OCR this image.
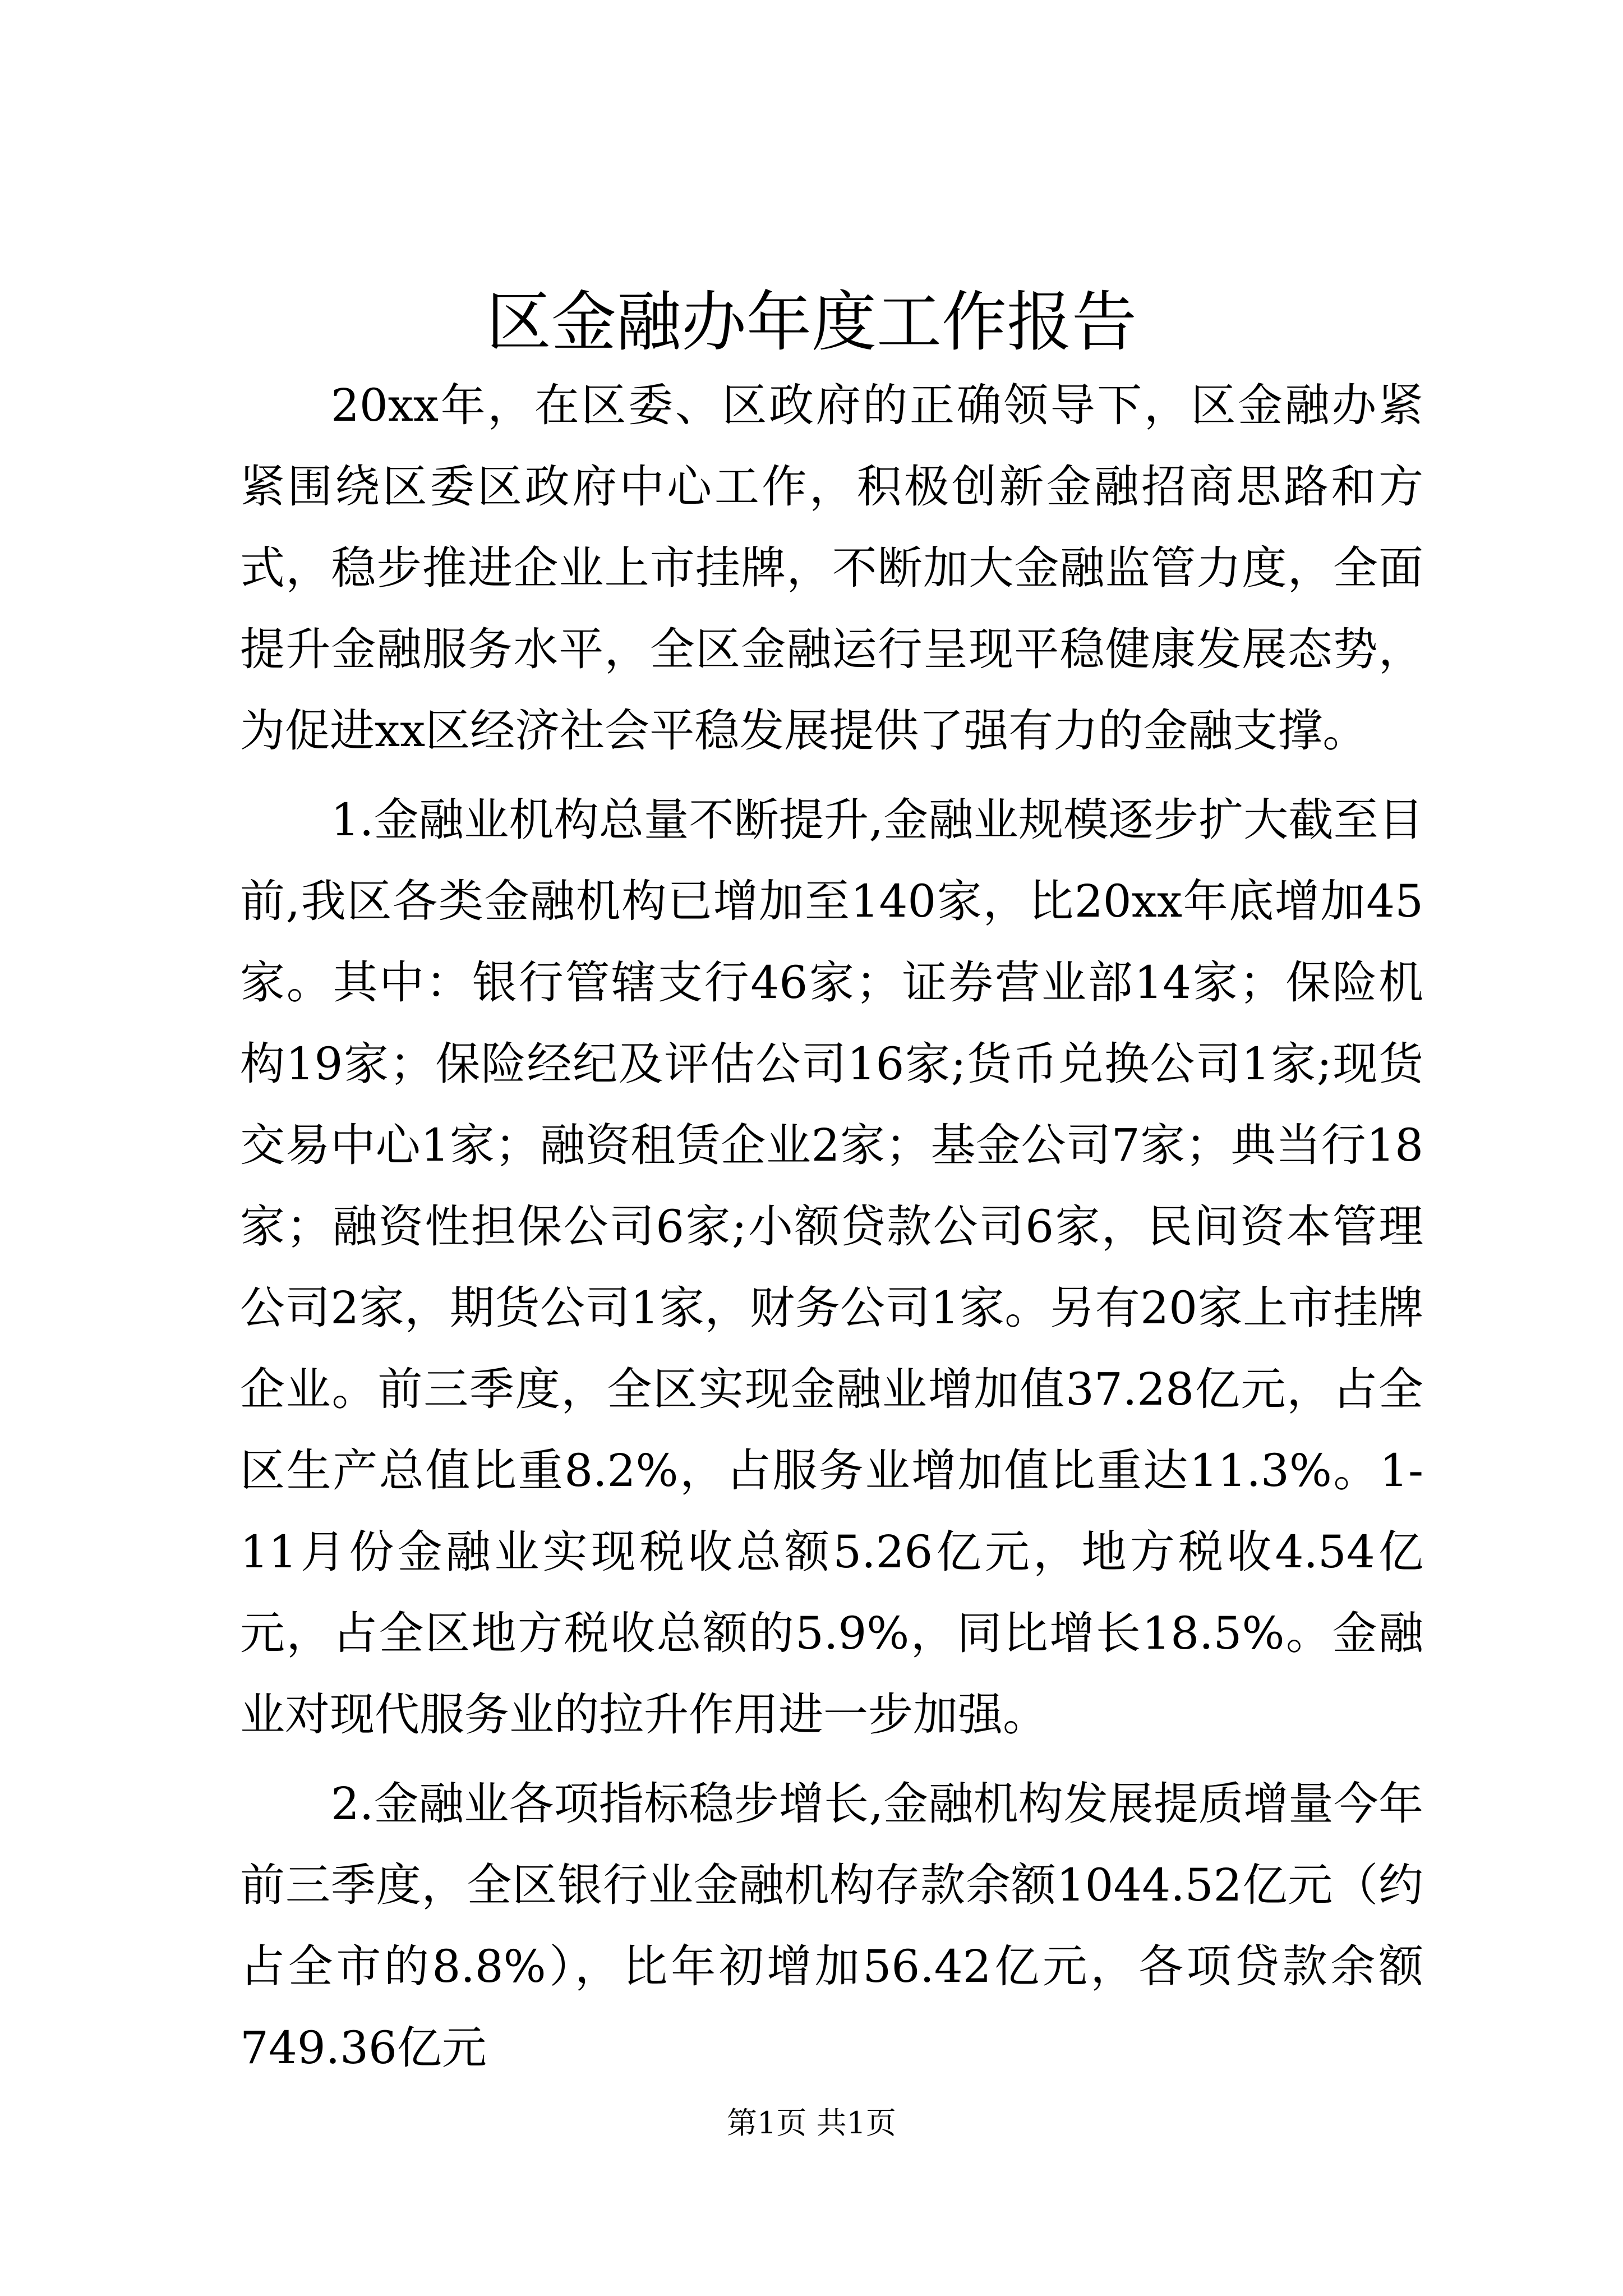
区金融办年度工作报告

20xx年，在区委、区政府的正确领导下，区金融办紧紧围绕区委区政府中心工作，积极创新金融招商思路和方式，稳步推进企业上市挂牌，不断加大金融监管力度，全面提升金融服务水平，全区金融运行呈现平稳健康发展态势，为促进xx区经济社会平稳发展提供了强有力的金融支撑。

1.金融业机构总量不断提升,金融业规模逐步扩大截至目前,我区各类金融机构已增加至140家，比20xx年底增加45家。其中：银行管辖支行46家；证券营业部14家；保险机构19家；保险经纪及评估公司16家;货币兑换公司1家;现货交易中心1家；融资租赁企业2家；基金公司7家；典当行18家；融资性担保公司6家;小额贷款公司6家，民间资本管理公司2家，期货公司1家，财务公司1家。另有20家上市挂牌企业。前三季度，全区实现金融业增加值37.28亿元，占全区生产总值比重8.2%，占服务业增加值比重达11.3%。1-11月份金融业实现税收总额5.26亿元，地方税收4.54亿元，占全区地方税收总额的5.9%，同比增长18.5%。金融业对现代服务业的拉升作用进一步加强。

2.金融业各项指标稳步增长,金融机构发展提质增量今年前三季度，全区银行业金融机构存款余额1044.52亿元（约占全市的8.8%），比年初增加56.42亿元，各项贷款余额749.36亿元

第1页 共1页
